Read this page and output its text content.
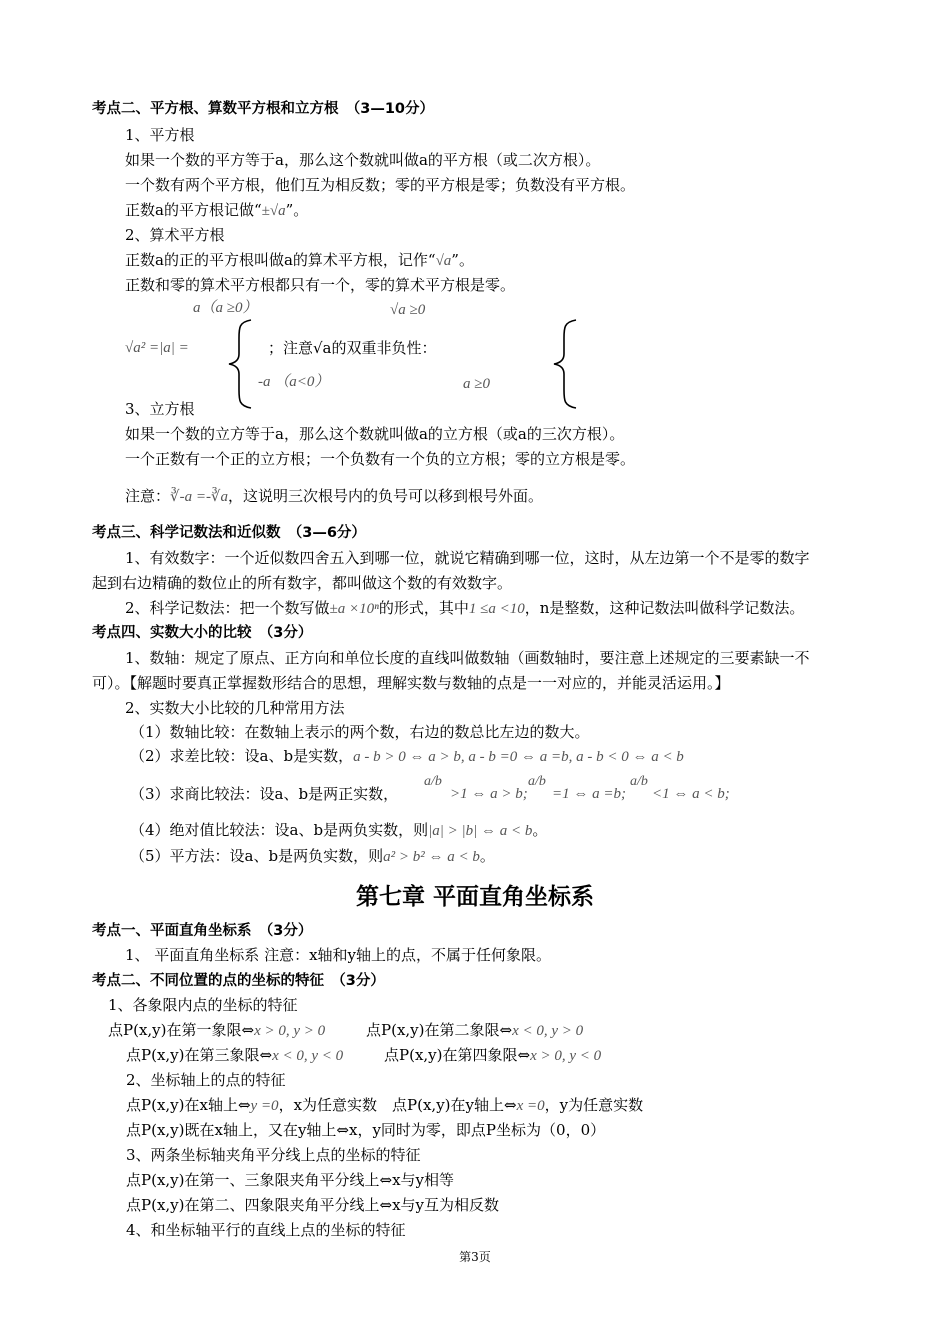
考点二、平方根、算数平方根和立方根　（3—10分）
1、平方根
如果一个数的平方等于a，那么这个数就叫做a的平方根（或二次方根）。
一个数有两个平方根，他们互为相反数；零的平方根是零；负数没有平方根。
正数a的平方根记做“±√a”。
2、算术平方根
正数a的正的平方根叫做a的算术平方根，记作“√a”。
正数和零的算术平方根都只有一个，零的算术平方根是零。
a（a ≥0）	√a ≥0
√a² =|a| =	；注意√a的双重非负性：
-a （a<0）	a ≥0
3、立方根
如果一个数的立方等于a，那么这个数就叫做a的立方根（或a的三次方根）。
一个正数有一个正的立方根；一个负数有一个负的立方根；零的立方根是零。
注意：∛-a =-∛a，这说明三次根号内的负号可以移到根号外面。
考点三、科学记数法和近似数　（3—6分）
1、有效数字：一个近似数四舍五入到哪一位，就说它精确到哪一位，这时，从左边第一个不是零的数字
起到右边精确的数位止的所有数字，都叫做这个数的有效数字。
2、科学记数法：把一个数写做±a ×10ⁿ的形式，其中1 ≤a <10，n是整数，这种记数法叫做科学记数法。
考点四、实数大小的比较　（3分）
1、数轴：规定了原点、正方向和单位长度的直线叫做数轴（画数轴时，要注意上述规定的三要素缺一不
可）。【解题时要真正掌握数形结合的思想，理解实数与数轴的点是一一对应的，并能灵活运用。】
2、实数大小比较的几种常用方法
（1）数轴比较：在数轴上表示的两个数，右边的数总比左边的数大。
（2）求差比较：设a、b是实数，a - b > 0 ⇔ a > b, a - b =0 ⇔ a =b, a - b < 0 ⇔ a < b
（3）求商比较法：设a、b是两正实数，
a/b
>1 ⇔ a > b;
a/b
=1 ⇔ a =b;
a/b
<1 ⇔ a < b;
（4）绝对值比较法：设a、b是两负实数，则|a| > |b| ⇔ a < b。
（5）平方法：设a、b是两负实数，则a² > b² ⇔ a < b。
第七章 平面直角坐标系
考点一、平面直角坐标系　（3分）
1、 平面直角坐标系 注意：x轴和y轴上的点，不属于任何象限。
考点二、不同位置的点的坐标的特征　（3分）
1、各象限内点的坐标的特征
点P(x,y)在第一象限⇔x > 0, y > 0	点P(x,y)在第二象限⇔x < 0, y > 0
点P(x,y)在第三象限⇔x < 0, y < 0	点P(x,y)在第四象限⇔x > 0, y < 0
2、坐标轴上的点的特征
点P(x,y)在x轴上⇔y =0，x为任意实数　点P(x,y)在y轴上⇔x =0，y为任意实数
点P(x,y)既在x轴上，又在y轴上⇔x，y同时为零，即点P坐标为（0，0）
3、两条坐标轴夹角平分线上点的坐标的特征
点P(x,y)在第一、三象限夹角平分线上⇔x与y相等
点P(x,y)在第二、四象限夹角平分线上⇔x与y互为相反数
4、和坐标轴平行的直线上点的坐标的特征
第3页
